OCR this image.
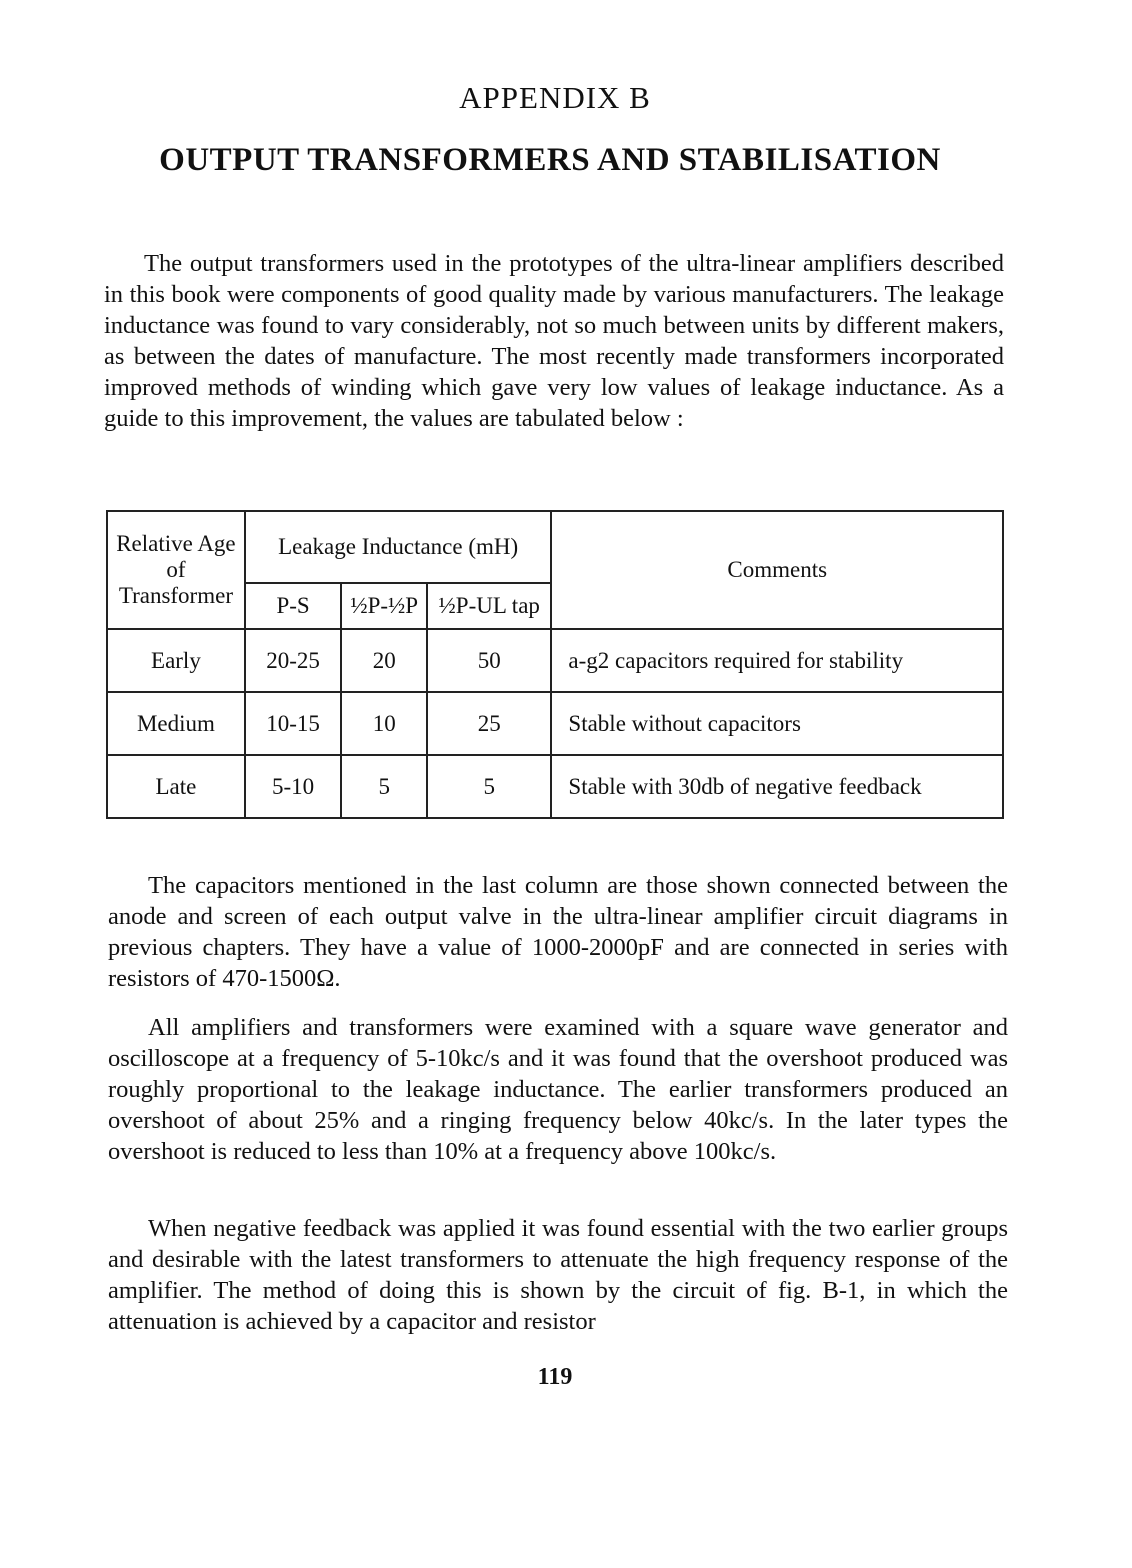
APPENDIX B
OUTPUT TRANSFORMERS AND STABILISATION

The output transformers used in the prototypes of the ultra-linear amplifiers described in this book were components of good quality made by various manufacturers. The leakage inductance was found to vary considerably, not so much between units by different makers, as between the dates of manufacture. The most recently made transformers incorporated improved methods of winding which gave very low values of leakage inductance. As a guide to this improvement, the values are tabulated below :

Relative Age of Transformer	Leakage Inductance (mH)			Comments
	P-S	½P-½P	½P-UL tap	
Early	20-25	20	50	a-g2 capacitors required for stability
Medium	10-15	10	25	Stable without capacitors
Late	5-10	5	5	Stable with 30db of negative feedback

The capacitors mentioned in the last column are those shown connected between the anode and screen of each output valve in the ultra-linear amplifier circuit diagrams in previous chapters. They have a value of 1000-2000pF and are connected in series with resistors of 470-1500Ω.

All amplifiers and transformers were examined with a square wave generator and oscilloscope at a frequency of 5-10kc/s and it was found that the overshoot produced was roughly proportional to the leakage inductance. The earlier transformers produced an overshoot of about 25% and a ringing frequency below 40kc/s. In the later types the overshoot is reduced to less than 10% at a frequency above 100kc/s.

When negative feedback was applied it was found essential with the two earlier groups and desirable with the latest transformers to attenuate the high frequency response of the amplifier. The method of doing this is shown by the circuit of fig. B-1, in which the attenuation is achieved by a capacitor and resistor

119
